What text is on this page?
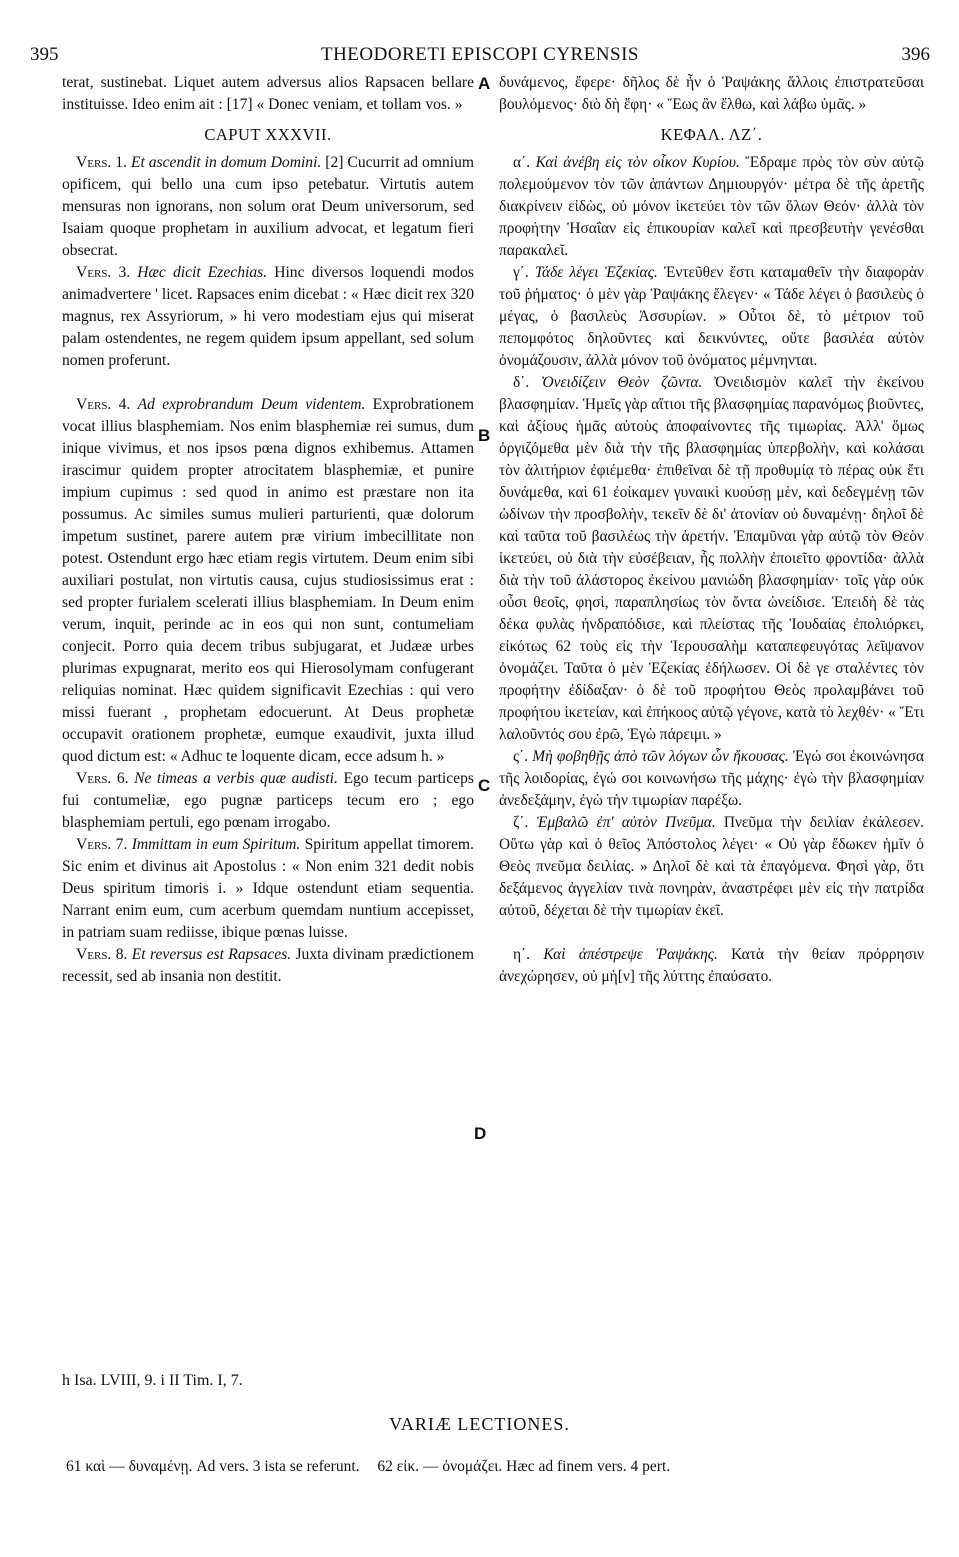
395	THEODORETI EPISCOPI CYRENSIS	396
A
B
C
D

terat, sustinebat. Liquet autem adversus alios Rapsacen bellare instituisse. Ideo enim ait : [17] « Donec veniam, et tollam vos. »

CAPUT XXXVII.

Vers. 1. Et ascendit in domum Domini. [2] Cucurrit ad omnium opificem, qui bello una cum ipso petebatur. Virtutis autem mensuras non ignorans, non solum orat Deum universorum, sed Isaiam quoque prophetam in auxilium advocat, et legatum fieri obsecrat.

Vers. 3. Hæc dicit Ezechias. Hinc diversos loquendi modos animadvertere ' licet. Rapsaces enim dicebat : « Hæc dicit rex 320 magnus, rex Assyriorum, » hi vero modestiam ejus qui miserat palam ostendentes, ne regem quidem ipsum appellant, sed solum nomen proferunt.

Vers. 4. Ad exprobrandum Deum videntem. Exprobrationem vocat illius blasphemiam. Nos enim blasphemiæ rei sumus, dum inique vivimus, et nos ipsos pœna dignos exhibemus. Attamen irascimur quidem propter atrocitatem blasphemiæ, et punire impium cupimus : sed quod in animo est præstare non ita possumus. Ac similes sumus mulieri parturienti, quæ dolorum impetum sustinet, parere autem præ virium imbecillitate non potest. Ostendunt ergo hæc etiam regis virtutem. Deum enim sibi auxiliari postulat, non virtutis causa, cujus studiosissimus erat : sed propter furialem scelerati illius blasphemiam. In Deum enim verum, inquit, perinde ac in eos qui non sunt, contumeliam conjecit. Porro quia decem tribus subjugarat, et Judææ urbes plurimas expugnarat, merito eos qui Hierosolymam confugerant reliquias nominat. Hæc quidem significavit Ezechias : qui vero missi fuerant , prophetam edocuerunt. At Deus prophetæ occupavit orationem prophetæ, eumque exaudivit, juxta illud quod dictum est: « Adhuc te loquente dicam, ecce adsum h. »

Vers. 6. Ne timeas a verbis quæ audisti. Ego tecum particeps fui contumeliæ, ego pugnæ particeps tecum ero ; ego blasphemiam pertuli, ego pœnam irrogabo.

Vers. 7. Immittam in eum Spiritum. Spiritum appellat timorem. Sic enim et divinus ait Apostolus : « Non enim 321 dedit nobis Deus spiritum timoris i. » Idque ostendunt etiam sequentia. Narrant enim eum, cum acerbum quemdam nuntium accepisset, in patriam suam rediisse, ibique pœnas luisse.

Vers. 8. Et reversus est Rapsaces. Juxta divinam prædictionem recessit, sed ab insania non destitit.

δυνάμενος, ἔφερε· δῆλος δὲ ἦν ὁ Ῥαψάκης ἄλλοις ἐπιστρατεῦσαι βουλόμενος· διὸ δὴ ἔφη· « Ἕως ἂν ἔλθω, καὶ λάβω ὑμᾶς. »

ΚΕΦΑΛ. ΛΖ΄.

α΄. Καὶ ἀνέβη εἰς τὸν οἶκον Κυρίου. Ἔδραμε πρὸς τὸν σὺν αὐτῷ πολεμούμενον τὸν τῶν ἁπάντων Δημιουργόν· μέτρα δὲ τῆς ἀρετῆς διακρίνειν εἰδὼς, οὐ μόνον ἱκετεύει τὸν τῶν ὅλων Θεόν· ἀλλὰ τὸν προφήτην Ἡσαΐαν εἰς ἐπικουρίαν καλεῖ καὶ πρεσβευτὴν γενέσθαι παρακαλεῖ.

γ΄. Τάδε λέγει Ἑζεκίας. Ἐντεῦθεν ἔστι καταμαθεῖν τὴν διαφορὰν τοῦ ῥήματος· ὁ μὲν γὰρ Ῥαψάκης ἔλεγεν· « Τάδε λέγει ὁ βασιλεὺς ὁ μέγας, ὁ βασιλεὺς Ἀσσυρίων. » Οὗτοι δὲ, τὸ μέτριον τοῦ πεπομφότος δηλοῦντες καὶ δεικνύντες, οὔτε βασιλέα αὐτὸν ὀνομάζουσιν, ἀλλὰ μόνον τοῦ ὀνόματος μέμνηνται.

δ΄. Ὀνειδίζειν Θεὸν ζῶντα. Ὀνειδισμὸν καλεῖ τὴν ἐκείνου βλασφημίαν. Ἡμεῖς γὰρ αἴτιοι τῆς βλασφημίας παρανόμως βιοῦντες, καὶ ἀξίους ἡμᾶς αὐτοὺς ἀποφαίνοντες τῆς τιμωρίας. Ἀλλ' ὅμως ὀργιζόμεθα μὲν διὰ τὴν τῆς βλασφημίας ὑπερβολὴν, καὶ κολάσαι τὸν ἀλιτήριον ἐφιέμεθα· ἐπιθεῖναι δὲ τῇ προθυμίᾳ τὸ πέρας οὐκ ἔτι δυνάμεθα, καὶ 61 ἐοίκαμεν γυναικὶ κυούσῃ μὲν, καὶ δεδεγμένῃ τῶν ὠδίνων τὴν προσβολὴν, τεκεῖν δὲ δι' ἀτονίαν οὐ δυναμένῃ· δηλοῖ δὲ καὶ ταῦτα τοῦ βασιλέως τὴν ἀρετήν. Ἐπαμῦναι γὰρ αὐτῷ τὸν Θεὸν ἱκετεύει, οὐ διὰ τὴν εὐσέβειαν, ἧς πολλὴν ἐποιεῖτο φροντίδα· ἀλλὰ διὰ τὴν τοῦ ἀλάστορος ἐκείνου μανιώδη βλασφημίαν· τοῖς γὰρ οὐκ οὖσι θεοῖς, φησὶ, παραπλησίως τὸν ὄντα ὠνείδισε. Ἐπειδὴ δὲ τὰς δέκα φυλὰς ἠνδραπόδισε, καὶ πλείστας τῆς Ἰουδαίας ἐπολιόρκει, εἰκότως 62 τοὺς εἰς τὴν Ἱερουσαλὴμ καταπεφευγότας λεῖψανον ὀνομάζει. Ταῦτα ὁ μὲν Ἑζεκίας ἐδήλωσεν. Οἱ δὲ γε σταλέντες τὸν προφήτην ἐδίδαξαν· ὁ δὲ τοῦ προφήτου Θεὸς προλαμβάνει τοῦ προφήτου ἱκετείαν, καὶ ἐπήκοος αὐτῷ γέγονε, κατὰ τὸ λεχθέν· « Ἔτι λαλοῦντός σου ἐρῶ, Ἐγὼ πάρειμι. »

ς΄. Μὴ φοβηθῇς ἀπὸ τῶν λόγων ὧν ἤκουσας. Ἐγώ σοι ἐκοινώνησα τῆς λοιδορίας, ἐγώ σοι κοινωνήσω τῆς μάχης· ἐγὼ τὴν βλασφημίαν ἀνεδεξάμην, ἐγὼ τὴν τιμωρίαν παρέξω.

ζ΄. Ἐμβαλῶ ἐπ' αὐτὸν Πνεῦμα. Πνεῦμα τὴν δειλίαν ἐκάλεσεν. Οὕτω γὰρ καὶ ὁ θεῖος Ἀπόστολος λέγει· « Οὐ γὰρ ἔδωκεν ἡμῖν ὁ Θεὸς πνεῦμα δειλίας. » Δηλοῖ δὲ καὶ τὰ ἐπαγόμενα. Φησὶ γὰρ, ὅτι δεξάμενος ἀγγελίαν τινὰ πονηρὰν, ἀναστρέφει μὲν εἰς τὴν πατρίδα αὐτοῦ, δέχεται δὲ τὴν τιμωρίαν ἐκεῖ.

η΄. Καὶ ἀπέστρεψε Ῥαψάκης. Κατὰ τὴν θείαν πρόρρησιν ἀνεχώρησεν, οὐ μὴ[ν] τῆς λύττης ἐπαύσατο.

h Isa. LVIII, 9. i II Tim. I, 7.
VARIÆ LECTIONES.
61 καὶ — δυναμένῃ. Ad vers. 3 ista se referunt. 62 εἰκ. — ὀνομάζει. Hæc ad finem vers. 4 pert.
